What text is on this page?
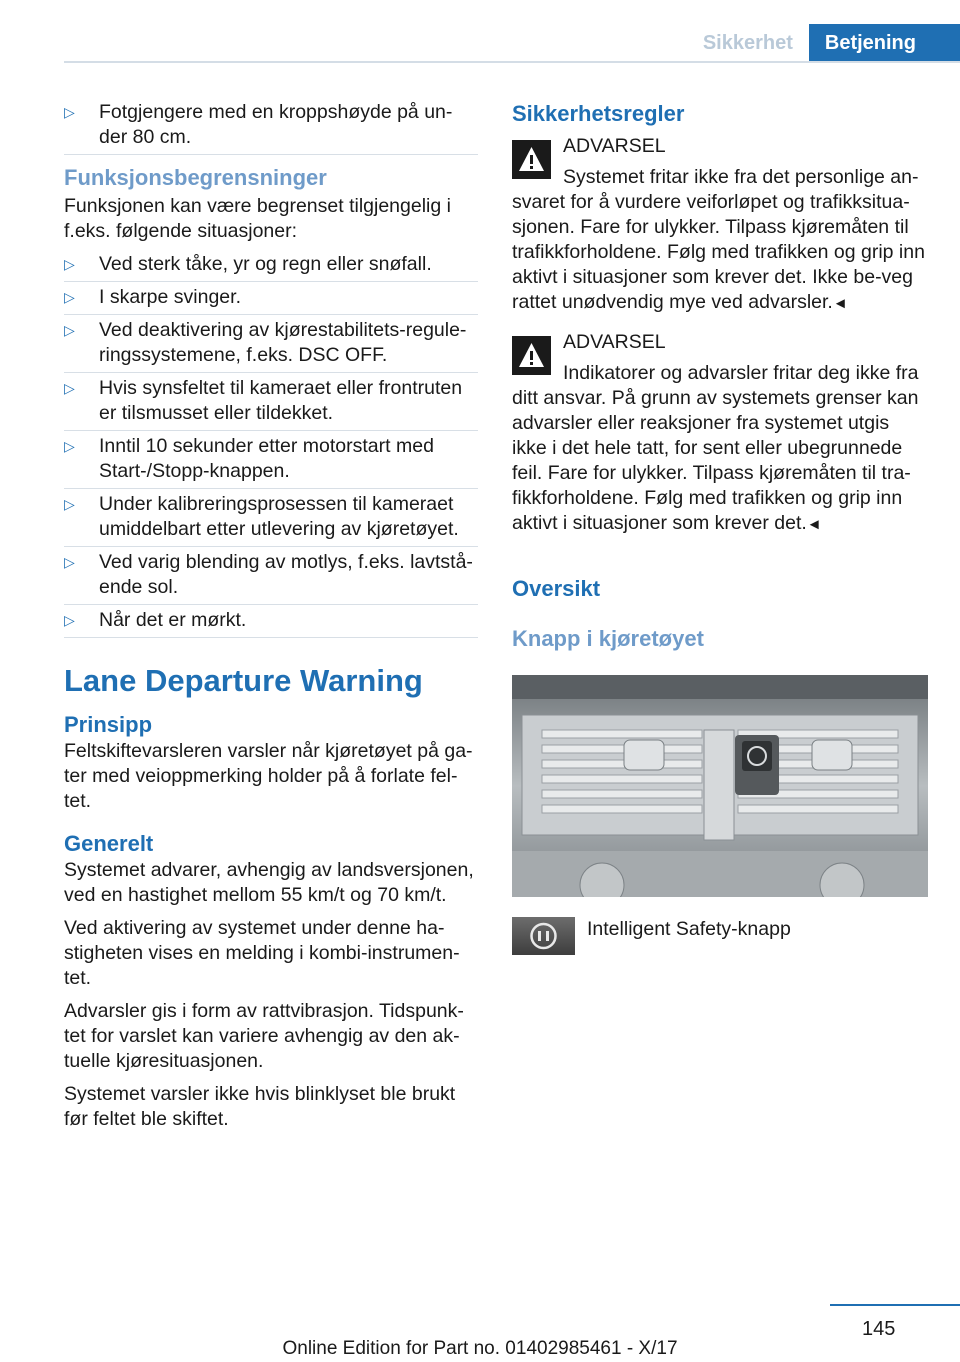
Sikkerhet	Betjening
▷ Fotgjengere med en kroppshøyde på un-der 80 cm.
Funksjonsbegrensninger

Funksjonen kan være begrenset tilgjengelig i f.eks. følgende situasjoner:

▷ Ved sterk tåke, yr og regn eller snøfall.
▷ I skarpe svinger.
▷ Ved deaktivering av kjørestabilitets-regule-ringssystemene, f.eks. DSC OFF.
▷ Hvis synsfeltet til kameraet eller frontruten er tilsmusset eller tildekket.
▷ Inntil 10 sekunder etter motorstart med Start-/Stopp-knappen.
▷ Under kalibreringsprosessen til kameraet umiddelbart etter utlevering av kjøretøyet.
▷ Ved varig blending av motlys, f.eks. lavtstå-ende sol.
▷ Når det er mørkt.
Lane Departure Warning
Prinsipp

Feltskiftevarsleren varsler når kjøretøyet på ga-ter med veioppmerking holder på å forlate fel-tet.

Generelt

Systemet advarer, avhengig av landsversjonen, ved en hastighet mellom 55 km/t og 70 km/t.

Ved aktivering av systemet under denne ha-stigheten vises en melding i kombi-instrumen-tet.

Advarsler gis i form av rattvibrasjon. Tidspunk-tet for varslet kan variere avhengig av den ak-tuelle kjøresituasjonen.

Systemet varsler ikke hvis blinklyset ble brukt før feltet ble skiftet.

Sikkerhetsregler
ADVARSEL

Systemet fritar ikke fra det personlige an-svaret for å vurdere veiforløpet og trafikksitua-sjonen. Fare for ulykker. Tilpass kjøremåten til trafikkforholdene. Følg med trafikken og grip inn aktivt i situasjoner som krever det. Ikke be-veg rattet unødvendig mye ved advarsler.◄

ADVARSEL

Indikatorer og advarsler fritar deg ikke fra ditt ansvar. På grunn av systemets grenser kan advarsler eller reaksjoner fra systemet utgis ikke i det hele tatt, for sent eller ubegrunnede feil. Fare for ulykker. Tilpass kjøremåten til tra-fikkforholdene. Følg med trafikken og grip inn aktivt i situasjoner som krever det.◄

Oversikt
Knapp i kjøretøyet
Intelligent Safety-knapp
145
Online Edition for Part no. 01402985461 - X/17
